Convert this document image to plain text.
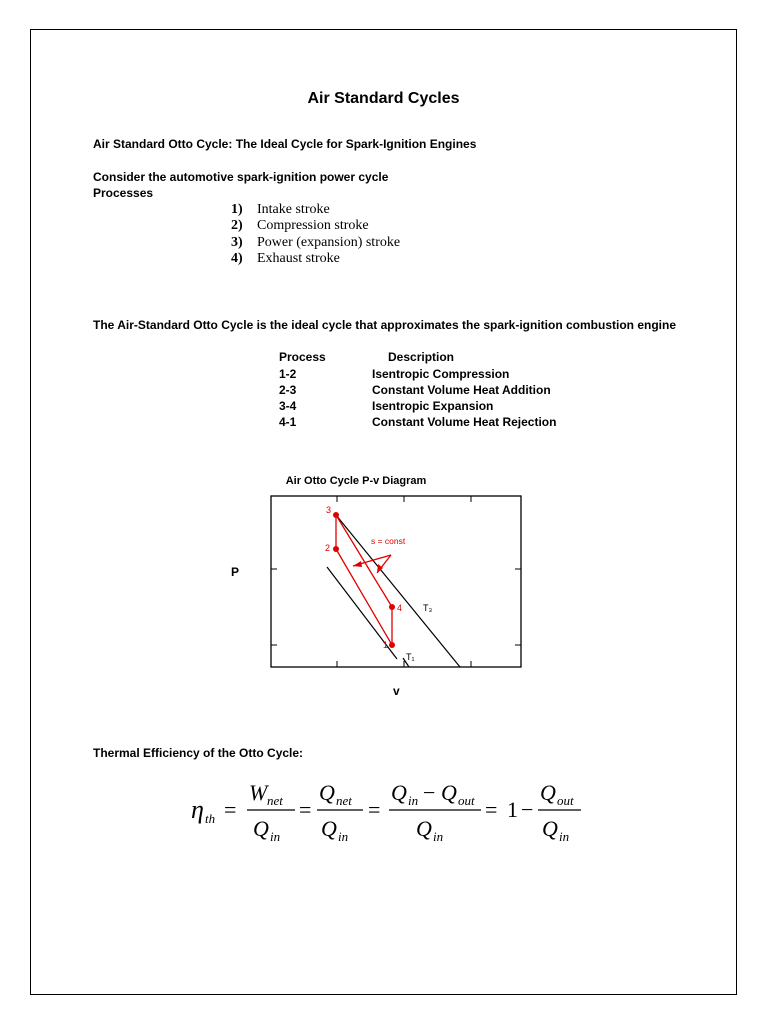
Air Standard Cycles
Air Standard Otto Cycle: The Ideal Cycle for Spark-Ignition Engines
Consider the automotive spark-ignition power cycle
Processes
1) Intake stroke
2) Compression stroke
3) Power (expansion) stroke
4) Exhaust stroke
The Air-Standard Otto Cycle is the ideal cycle that approximates the spark-ignition combustion engine
Process	Description
1-2	Isentropic Compression
2-3	Constant Volume Heat Addition
3-4	Isentropic Expansion
4-1	Constant Volume Heat Rejection
Air Otto Cycle P-v Diagram
1
2
3
4
s = const
T₃
T₁
P
v
Thermal Efficiency of the Otto Cycle:
η th =
W net
Q in
=
Q net
Q in
=
Q in − Q out
Q in
= 1 −
Q out
Q in
